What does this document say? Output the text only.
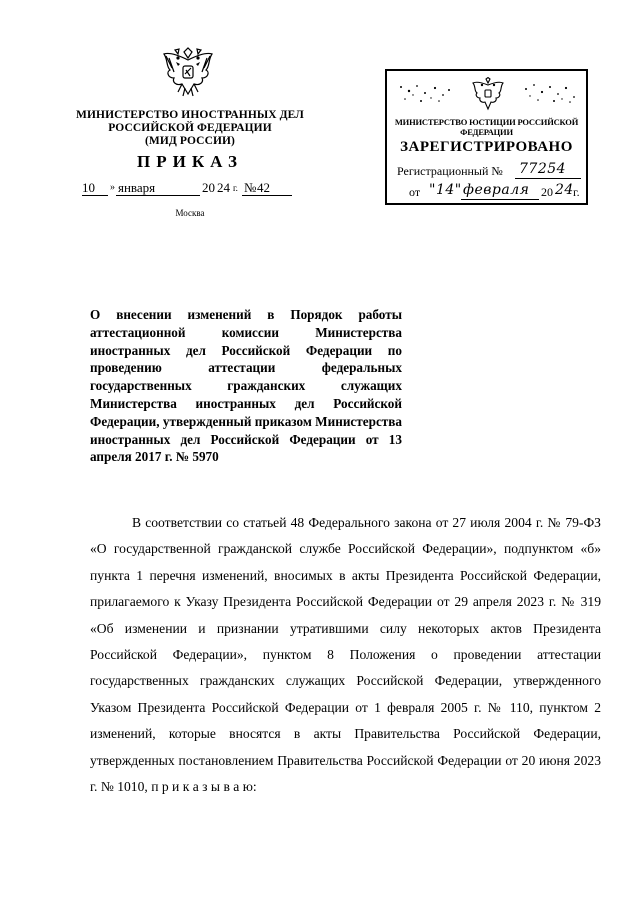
МИНИСТЕРСТВО ИНОСТРАННЫХ ДЕЛ
РОССИЙСКОЙ ФЕДЕРАЦИИ
(МИД РОССИИ)
ПРИКАЗ
10 » января	20 24 г. № 42
Москва
МИНИСТЕРСТВО ЮСТИЦИИ РОССИЙСКОЙ ФЕДЕРАЦИИ
ЗАРЕГИСТРИРОВАНО
Регистрационный № 77254
от "14" февраля 20 24 г.
О внесении изменений в Порядок работы аттестационной комиссии Министерства иностранных дел Российской Федерации по проведению аттестации федеральных государственных гражданских служащих Министерства иностранных дел Российской Федерации, утвержденный приказом Министерства иностранных дел Российской Федерации от 13 апреля 2017 г. № 5970
В соответствии со статьей 48 Федерального закона от 27 июля 2004 г. № 79-ФЗ «О государственной гражданской службе Российской Федерации», подпунктом «б» пункта 1 перечня изменений, вносимых в акты Президента Российской Федерации, прилагаемого к Указу Президента Российской Федерации от 29 апреля 2023 г. № 319 «Об изменении и признании утратившими силу некоторых актов Президента Российской Федерации», пунктом 8 Положения о проведении аттестации государственных гражданских служащих Российской Федерации, утвержденного Указом Президента Российской Федерации от 1 февраля 2005 г. № 110, пунктом 2 изменений, которые вносятся в акты Правительства Российской Федерации, утвержденных постановлением Правительства Российской Федерации от 20 июня 2023 г. № 1010, п р и к а з ы в а ю:
